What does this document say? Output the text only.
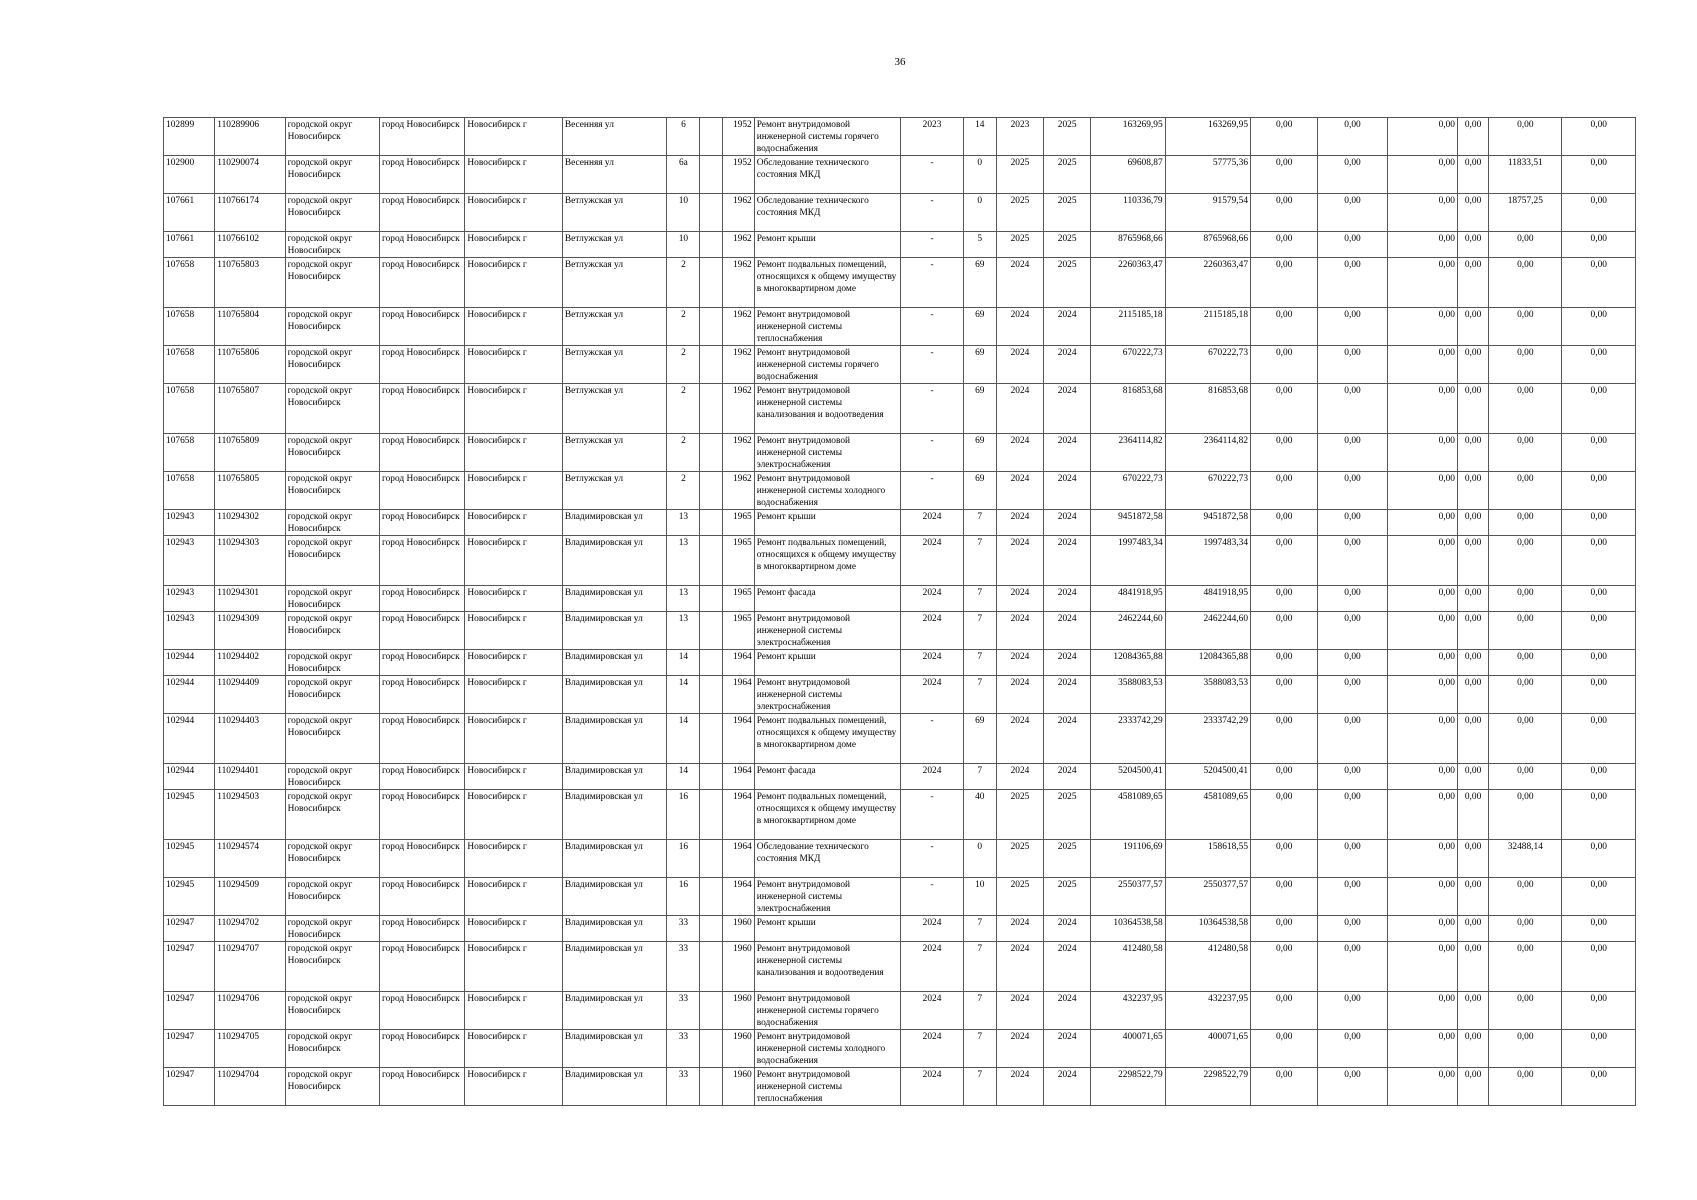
36
102899	110289906	городской округ Новосибирск	город Новосибирск	Новосибирск г	Весенняя ул	6		1952	Ремонт внутридомовой инженерной системы горячего водоснабжения	2023	14	2023	2025	163269,95	163269,95	0,00	0,00	0,00	0,00	0,00	0,00
102900	110290074	городской округ Новосибирск	город Новосибирск	Новосибирск г	Весенняя ул	6а		1952	Обследование технического состояния МКД	-	0	2025	2025	69608,87	57775,36	0,00	0,00	0,00	0,00	11833,51	0,00
107661	110766174	городской округ Новосибирск	город Новосибирск	Новосибирск г	Ветлужская ул	10		1962	Обследование технического состояния МКД	-	0	2025	2025	110336,79	91579,54	0,00	0,00	0,00	0,00	18757,25	0,00
107661	110766102	городской округ Новосибирск	город Новосибирск	Новосибирск г	Ветлужская ул	10		1962	Ремонт крыши	-	5	2025	2025	8765968,66	8765968,66	0,00	0,00	0,00	0,00	0,00	0,00
107658	110765803	городской округ Новосибирск	город Новосибирск	Новосибирск г	Ветлужская ул	2		1962	Ремонт подвальных помещений, относящихся к общему имуществу в многоквартирном доме	-	69	2024	2025	2260363,47	2260363,47	0,00	0,00	0,00	0,00	0,00	0,00
107658	110765804	городской округ Новосибирск	город Новосибирск	Новосибирск г	Ветлужская ул	2		1962	Ремонт внутридомовой инженерной системы теплоснабжения	-	69	2024	2024	2115185,18	2115185,18	0,00	0,00	0,00	0,00	0,00	0,00
107658	110765806	городской округ Новосибирск	город Новосибирск	Новосибирск г	Ветлужская ул	2		1962	Ремонт внутридомовой инженерной системы горячего водоснабжения	-	69	2024	2024	670222,73	670222,73	0,00	0,00	0,00	0,00	0,00	0,00
107658	110765807	городской округ Новосибирск	город Новосибирск	Новосибирск г	Ветлужская ул	2		1962	Ремонт внутридомовой инженерной системы канализования и водоотведения	-	69	2024	2024	816853,68	816853,68	0,00	0,00	0,00	0,00	0,00	0,00
107658	110765809	городской округ Новосибирск	город Новосибирск	Новосибирск г	Ветлужская ул	2		1962	Ремонт внутридомовой инженерной системы электроснабжения	-	69	2024	2024	2364114,82	2364114,82	0,00	0,00	0,00	0,00	0,00	0,00
107658	110765805	городской округ Новосибирск	город Новосибирск	Новосибирск г	Ветлужская ул	2		1962	Ремонт внутридомовой инженерной системы холодного водоснабжения	-	69	2024	2024	670222,73	670222,73	0,00	0,00	0,00	0,00	0,00	0,00
102943	110294302	городской округ Новосибирск	город Новосибирск	Новосибирск г	Владимировская ул	13		1965	Ремонт крыши	2024	7	2024	2024	9451872,58	9451872,58	0,00	0,00	0,00	0,00	0,00	0,00
102943	110294303	городской округ Новосибирск	город Новосибирск	Новосибирск г	Владимировская ул	13		1965	Ремонт подвальных помещений, относящихся к общему имуществу в многоквартирном доме	2024	7	2024	2024	1997483,34	1997483,34	0,00	0,00	0,00	0,00	0,00	0,00
102943	110294301	городской округ Новосибирск	город Новосибирск	Новосибирск г	Владимировская ул	13		1965	Ремонт фасада	2024	7	2024	2024	4841918,95	4841918,95	0,00	0,00	0,00	0,00	0,00	0,00
102943	110294309	городской округ Новосибирск	город Новосибирск	Новосибирск г	Владимировская ул	13		1965	Ремонт внутридомовой инженерной системы электроснабжения	2024	7	2024	2024	2462244,60	2462244,60	0,00	0,00	0,00	0,00	0,00	0,00
102944	110294402	городской округ Новосибирск	город Новосибирск	Новосибирск г	Владимировская ул	14		1964	Ремонт крыши	2024	7	2024	2024	12084365,88	12084365,88	0,00	0,00	0,00	0,00	0,00	0,00
102944	110294409	городской округ Новосибирск	город Новосибирск	Новосибирск г	Владимировская ул	14		1964	Ремонт внутридомовой инженерной системы электроснабжения	2024	7	2024	2024	3588083,53	3588083,53	0,00	0,00	0,00	0,00	0,00	0,00
102944	110294403	городской округ Новосибирск	город Новосибирск	Новосибирск г	Владимировская ул	14		1964	Ремонт подвальных помещений, относящихся к общему имуществу в многоквартирном доме	-	69	2024	2024	2333742,29	2333742,29	0,00	0,00	0,00	0,00	0,00	0,00
102944	110294401	городской округ Новосибирск	город Новосибирск	Новосибирск г	Владимировская ул	14		1964	Ремонт фасада	2024	7	2024	2024	5204500,41	5204500,41	0,00	0,00	0,00	0,00	0,00	0,00
102945	110294503	городской округ Новосибирск	город Новосибирск	Новосибирск г	Владимировская ул	16		1964	Ремонт подвальных помещений, относящихся к общему имуществу в многоквартирном доме	-	40	2025	2025	4581089,65	4581089,65	0,00	0,00	0,00	0,00	0,00	0,00
102945	110294574	городской округ Новосибирск	город Новосибирск	Новосибирск г	Владимировская ул	16		1964	Обследование технического состояния МКД	-	0	2025	2025	191106,69	158618,55	0,00	0,00	0,00	0,00	32488,14	0,00
102945	110294509	городской округ Новосибирск	город Новосибирск	Новосибирск г	Владимировская ул	16		1964	Ремонт внутридомовой инженерной системы электроснабжения	-	10	2025	2025	2550377,57	2550377,57	0,00	0,00	0,00	0,00	0,00	0,00
102947	110294702	городской округ Новосибирск	город Новосибирск	Новосибирск г	Владимировская ул	33		1960	Ремонт крыши	2024	7	2024	2024	10364538,58	10364538,58	0,00	0,00	0,00	0,00	0,00	0,00
102947	110294707	городской округ Новосибирск	город Новосибирск	Новосибирск г	Владимировская ул	33		1960	Ремонт внутридомовой инженерной системы канализования и водоотведения	2024	7	2024	2024	412480,58	412480,58	0,00	0,00	0,00	0,00	0,00	0,00
102947	110294706	городской округ Новосибирск	город Новосибирск	Новосибирск г	Владимировская ул	33		1960	Ремонт внутридомовой инженерной системы горячего водоснабжения	2024	7	2024	2024	432237,95	432237,95	0,00	0,00	0,00	0,00	0,00	0,00
102947	110294705	городской округ Новосибирск	город Новосибирск	Новосибирск г	Владимировская ул	33		1960	Ремонт внутридомовой инженерной системы холодного водоснабжения	2024	7	2024	2024	400071,65	400071,65	0,00	0,00	0,00	0,00	0,00	0,00
102947	110294704	городской округ Новосибирск	город Новосибирск	Новосибирск г	Владимировская ул	33		1960	Ремонт внутридомовой инженерной системы теплоснабжения	2024	7	2024	2024	2298522,79	2298522,79	0,00	0,00	0,00	0,00	0,00	0,00
